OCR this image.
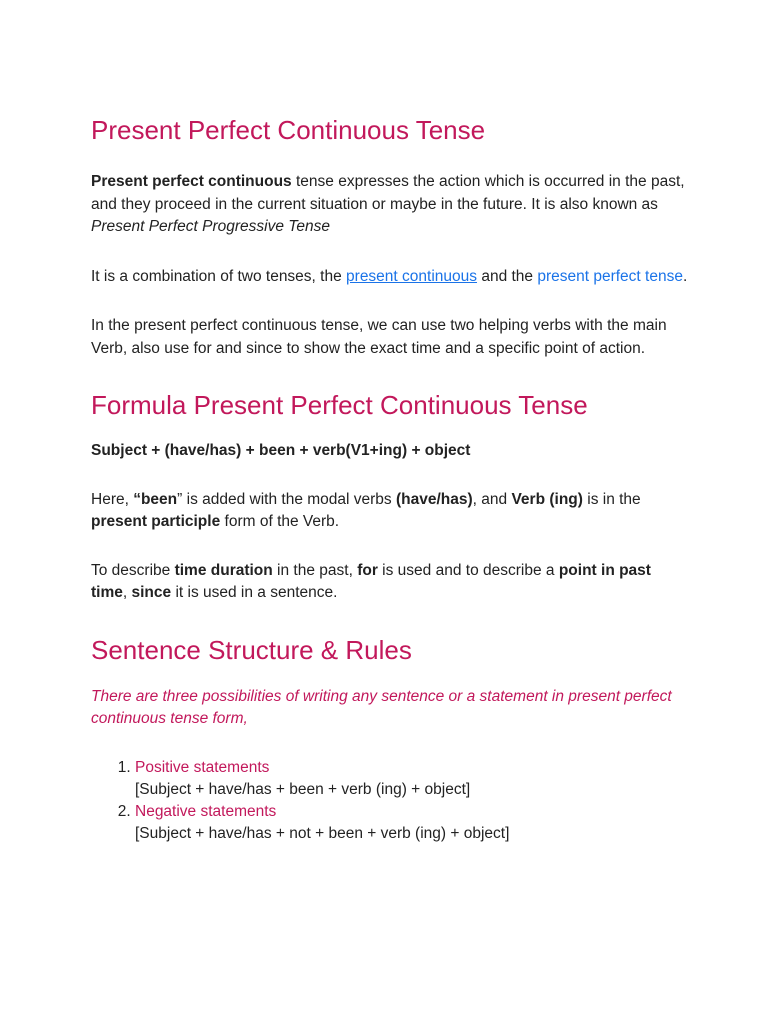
Present Perfect Continuous Tense

Present perfect continuous tense expresses the action which is occurred in the past, and they proceed in the current situation or maybe in the future. It is also known as Present Perfect Progressive Tense

It is a combination of two tenses, the present continuous and the present perfect tense.

In the present perfect continuous tense, we can use two helping verbs with the main Verb, also use for and since to show the exact time and a specific point of action.

Formula Present Perfect Continuous Tense

Subject + (have/has) + been + verb(V1+ing) + object

Here, “been” is added with the modal verbs (have/has), and Verb (ing) is in the present participle form of the Verb.

To describe time duration in the past, for is used and to describe a point in past time, since it is used in a sentence.

Sentence Structure & Rules

There are three possibilities of writing any sentence or a statement in present perfect continuous tense form,

1. Positive statements
[Subject + have/has + been + verb (ing) + object]
2. Negative statements
[Subject + have/has + not + been + verb (ing) + object]
